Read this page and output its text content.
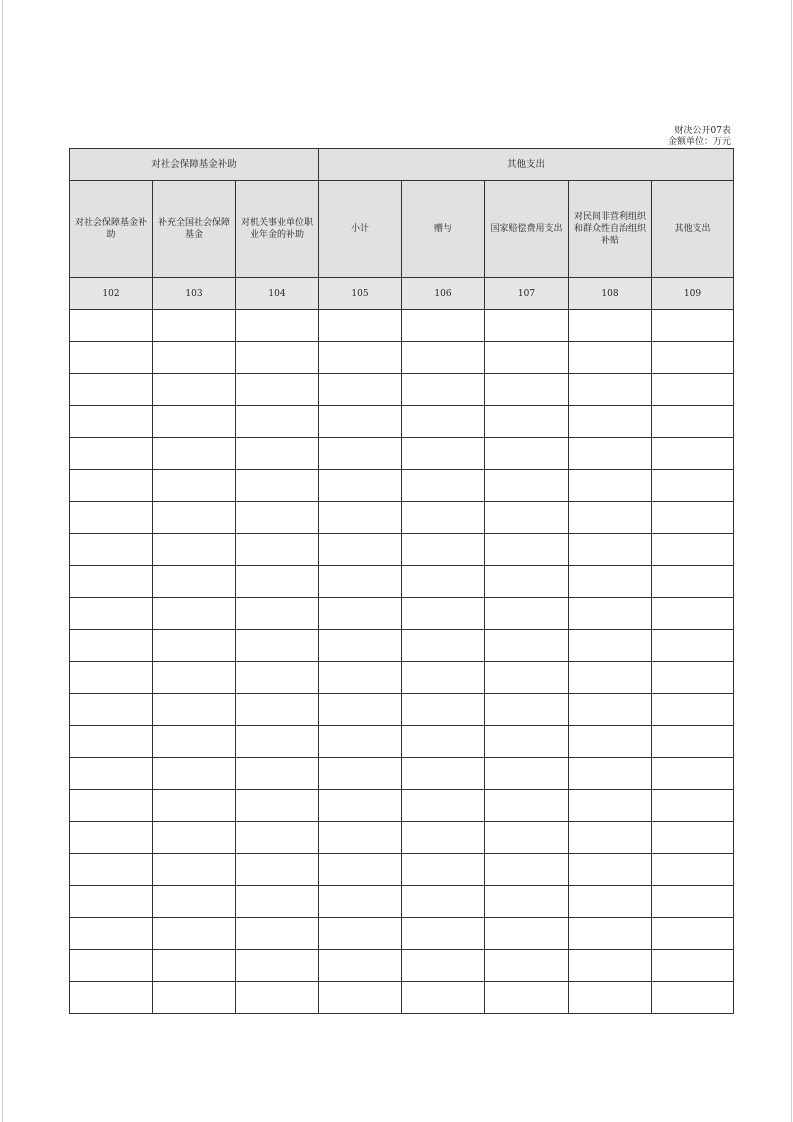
财决公开07表
金额单位：万元
对社会保障基金补助			其他支出				
对社会保障基金补助	补充全国社会保障基金	对机关事业单位职业年金的补助	小计	赠与	国家赔偿费用支出	对民间非营利组织和群众性自治组织补贴	其他支出
102	103	104	105	106	107	108	109
